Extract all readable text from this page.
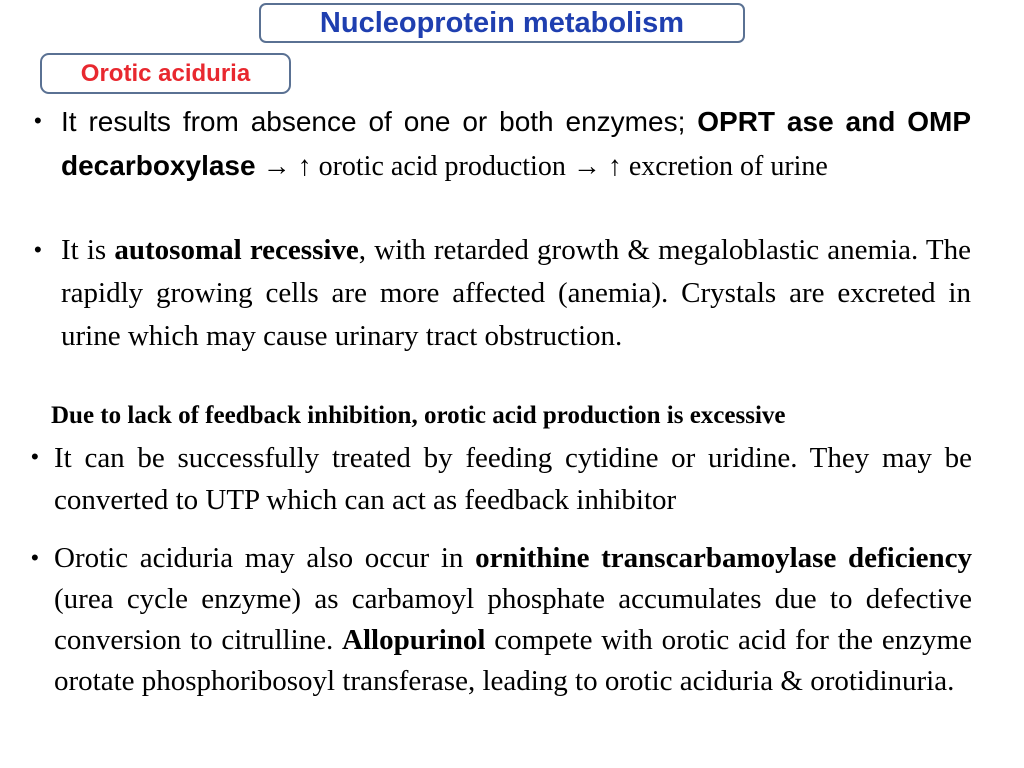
Nucleoprotein metabolism
Orotic aciduria
• It results from absence of one or both enzymes; OPRT ase and OMP decarboxylase → ↑ orotic acid production → ↑ excretion of urine
• It is autosomal recessive, with retarded growth & megaloblastic anemia. The rapidly growing cells are more affected (anemia). Crystals are excreted in urine which may cause urinary tract obstruction.
Due to lack of feedback inhibition, orotic acid production is excessive
• It can be successfully treated by feeding cytidine or uridine. They may be converted to UTP which can act as feedback inhibitor
• Orotic aciduria may also occur in ornithine transcarbamoylase deficiency (urea cycle enzyme) as carbamoyl phosphate accumulates due to defective conversion to citrulline. Allopurinol compete with orotic acid for the enzyme orotate phosphoribosoyl transferase, leading to orotic aciduria & orotidinuria.
